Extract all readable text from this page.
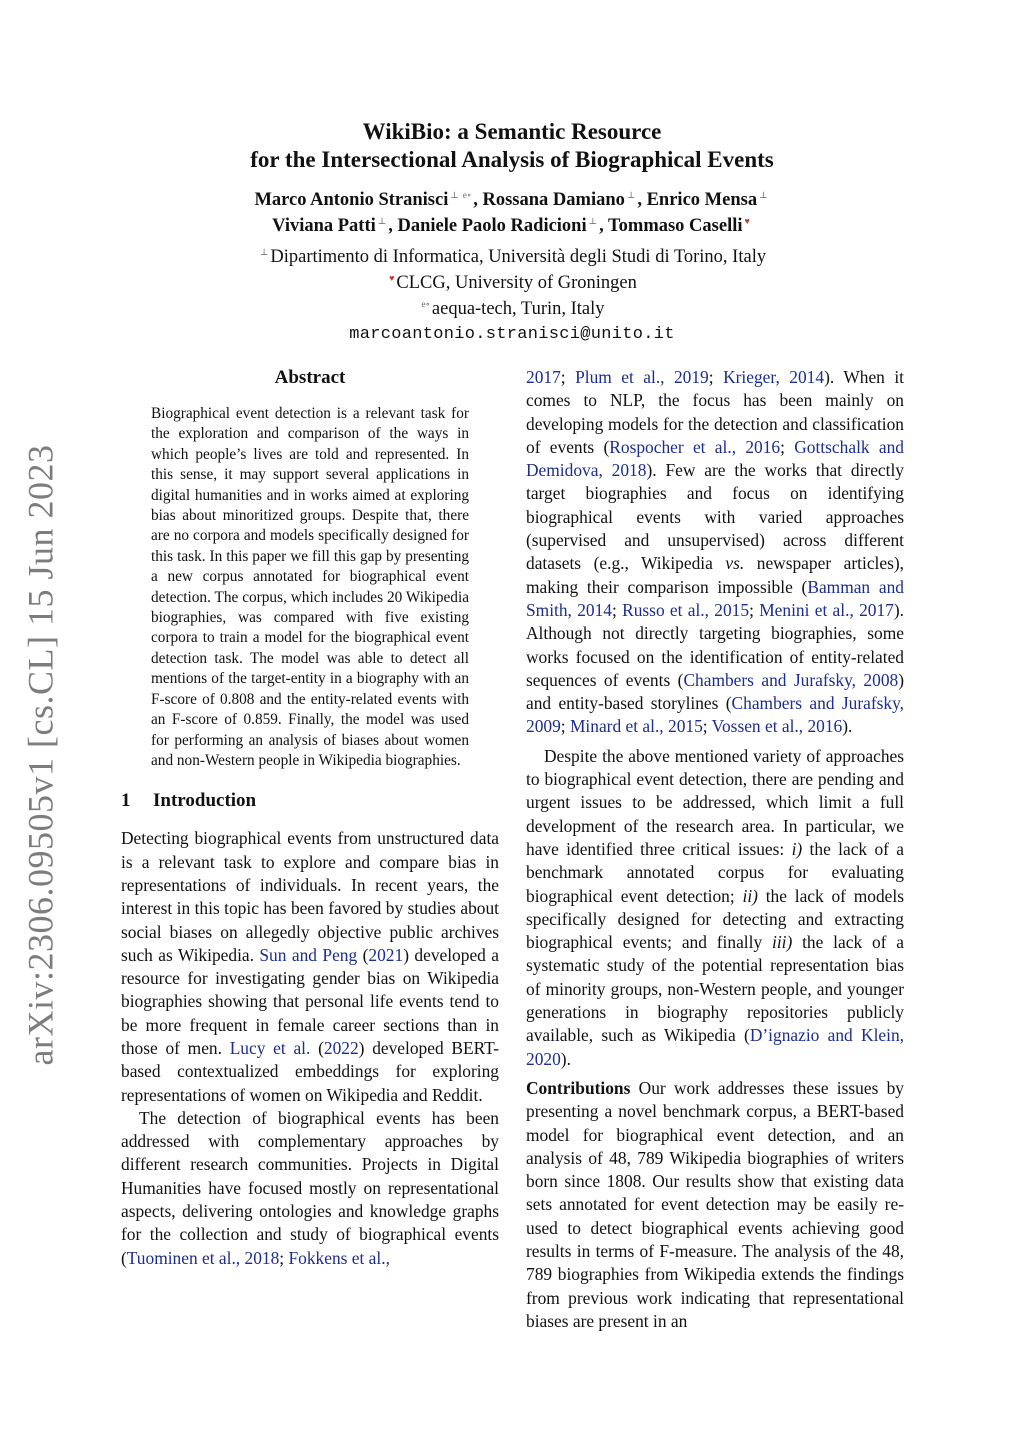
arXiv:2306.09505v1 [cs.CL] 15 Jun 2023
WikiBio: a Semantic Resource
for the Intersectional Analysis of Biographical Events
Marco Antonio Stranisci ⊥ $^{e\circ}$ , Rossana Damiano ⊥ , Enrico Mensa ⊥
Viviana Patti ⊥ , Daniele Paolo Radicioni ⊥ , Tommaso Caselli ♥
⊥ Dipartimento di Informatica, Università degli Studi di Torino, Italy
♥ CLCG, University of Groningen
$^{e\circ}$ aequa-tech, Turin, Italy
marcoantonio.stranisci@unito.it
Abstract
Biographical event detection is a relevant task for the exploration and comparison of the ways in which people’s lives are told and represented. In this sense, it may support several applications in digital humanities and in works aimed at exploring bias about minoritized groups. Despite that, there are no corpora and models specifically designed for this task. In this paper we fill this gap by presenting a new corpus annotated for biographical event detection. The corpus, which includes 20 Wikipedia biographies, was compared with five existing corpora to train a model for the biographical event detection task. The model was able to detect all mentions of the target-entity in a biography with an F-score of 0.808 and the entity-related events with an F-score of 0.859. Finally, the model was used for performing an analysis of biases about women and non-Western people in Wikipedia biographies.
1 Introduction

Detecting biographical events from unstructured data is a relevant task to explore and compare bias in representations of individuals. In recent years, the interest in this topic has been favored by studies about social biases on allegedly objective public archives such as Wikipedia. Sun and Peng (2021) developed a resource for investigating gender bias on Wikipedia biographies showing that personal life events tend to be more frequent in female career sections than in those of men. Lucy et al. (2022) developed BERT-based contextualized embeddings for exploring representations of women on Wikipedia and Reddit.

The detection of biographical events has been addressed with complementary approaches by different research communities. Projects in Digital Humanities have focused mostly on representational aspects, delivering ontologies and knowledge graphs for the collection and study of biographical events (Tuominen et al., 2018; Fokkens et al.,

2017; Plum et al., 2019; Krieger, 2014). When it comes to NLP, the focus has been mainly on developing models for the detection and classification of events (Rospocher et al., 2016; Gottschalk and Demidova, 2018). Few are the works that directly target biographies and focus on identifying biographical events with varied approaches (supervised and unsupervised) across different datasets (e.g., Wikipedia vs. newspaper articles), making their comparison impossible (Bamman and Smith, 2014; Russo et al., 2015; Menini et al., 2017). Although not directly targeting biographies, some works focused on the identification of entity-related sequences of events (Chambers and Jurafsky, 2008) and entity-based storylines (Chambers and Jurafsky, 2009; Minard et al., 2015; Vossen et al., 2016).

Despite the above mentioned variety of approaches to biographical event detection, there are pending and urgent issues to be addressed, which limit a full development of the research area. In particular, we have identified three critical issues: i) the lack of a benchmark annotated corpus for evaluating biographical event detection; ii) the lack of models specifically designed for detecting and extracting biographical events; and finally iii) the lack of a systematic study of the potential representation bias of minority groups, non-Western people, and younger generations in biography repositories publicly available, such as Wikipedia (D’ignazio and Klein, 2020).

Contributions Our work addresses these issues by presenting a novel benchmark corpus, a BERT-based model for biographical event detection, and an analysis of 48, 789 Wikipedia biographies of writers born since 1808. Our results show that existing data sets annotated for event detection may be easily re-used to detect biographical events achieving good results in terms of F-measure. The analysis of the 48, 789 biographies from Wikipedia extends the findings from previous work indicating that representational biases are present in an
